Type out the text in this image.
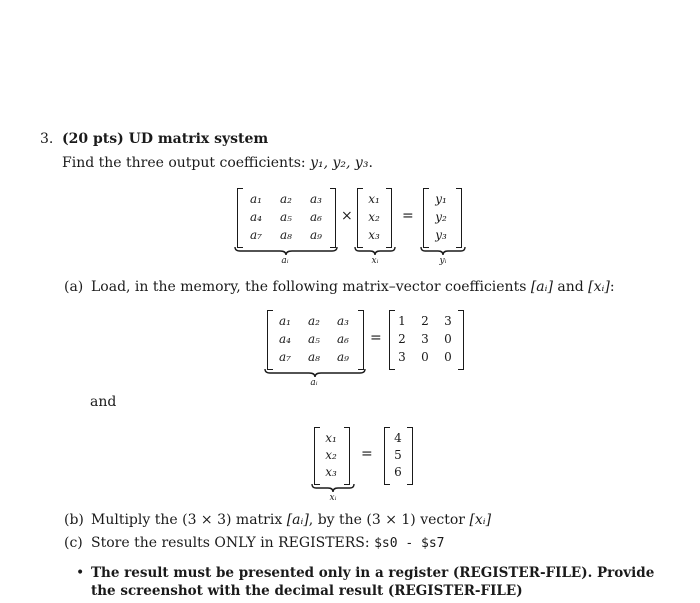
3. (20 pts) UD matrix system
Find the three output coefficients: y₁, y₂, y₃.
a₁	a₂	a₃
a₄	a₅	a₆
a₇	a₈	a₉
aᵢ
×
x₁
x₂
x₃
xᵢ
=
y₁
y₂
y₃
yᵢ
(a) Load, in the memory, the following matrix–vector coefficients [aᵢ] and [xᵢ]:
a₁	a₂	a₃
a₄	a₅	a₆
a₇	a₈	a₉
aᵢ
=
1	2	3
2	3	0
3	0	0
and
x₁
x₂
x₃
xᵢ
=
4
5
6
(b) Multiply the (3 × 3) matrix [aᵢ], by the (3 × 1) vector [xᵢ]
(c) Store the results ONLY in REGISTERS: $s0 - $s7
• The result must be presented only in a register (REGISTER-FILE). Provide
the screenshot with the decimal result (REGISTER-FILE)
